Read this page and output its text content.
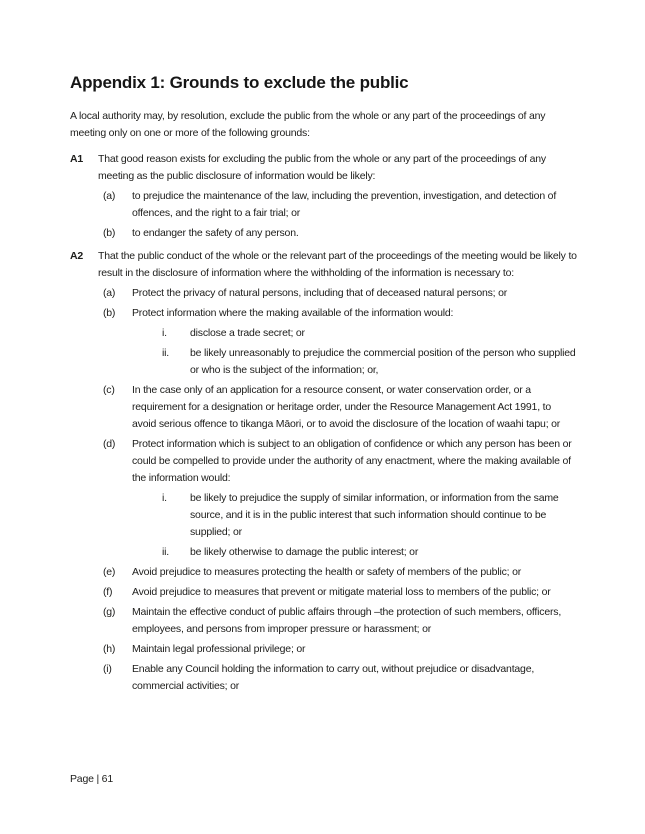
Appendix 1: Grounds to exclude the public

A local authority may, by resolution, exclude the public from the whole or any part of the proceedings of any meeting only on one or more of the following grounds:

A1	That good reason exists for excluding the public from the whole or any part of the proceedings of any meeting as the public disclosure of information would be likely:
(a)	to prejudice the maintenance of the law, including the prevention, investigation, and detection of offences, and the right to a fair trial; or
(b)	to endanger the safety of any person.
A2	That the public conduct of the whole or the relevant part of the proceedings of the meeting would be likely to result in the disclosure of information where the withholding of the information is necessary to:
(a)	Protect the privacy of natural persons, including that of deceased natural persons; or
(b)	Protect information where the making available of the information would:
i.	disclose a trade secret; or
ii.	be likely unreasonably to prejudice the commercial position of the person who supplied or who is the subject of the information; or,
(c)	In the case only of an application for a resource consent, or water conservation order, or a requirement for a designation or heritage order, under the Resource Management Act 1991, to avoid serious offence to tikanga Māori, or to avoid the disclosure of the location of waahi tapu; or
(d)	Protect information which is subject to an obligation of confidence or which any person has been or could be compelled to provide under the authority of any enactment, where the making available of the information would:
i.	be likely to prejudice the supply of similar information, or information from the same source, and it is in the public interest that such information should continue to be supplied; or
ii.	be likely otherwise to damage the public interest; or
(e)	Avoid prejudice to measures protecting the health or safety of members of the public; or
(f)	Avoid prejudice to measures that prevent or mitigate material loss to members of the public; or
(g)	Maintain the effective conduct of public affairs through –the protection of such members, officers, employees, and persons from improper pressure or harassment; or
(h)	Maintain legal professional privilege; or
(i)	Enable any Council holding the information to carry out, without prejudice or disadvantage, commercial activities; or
Page | 61
